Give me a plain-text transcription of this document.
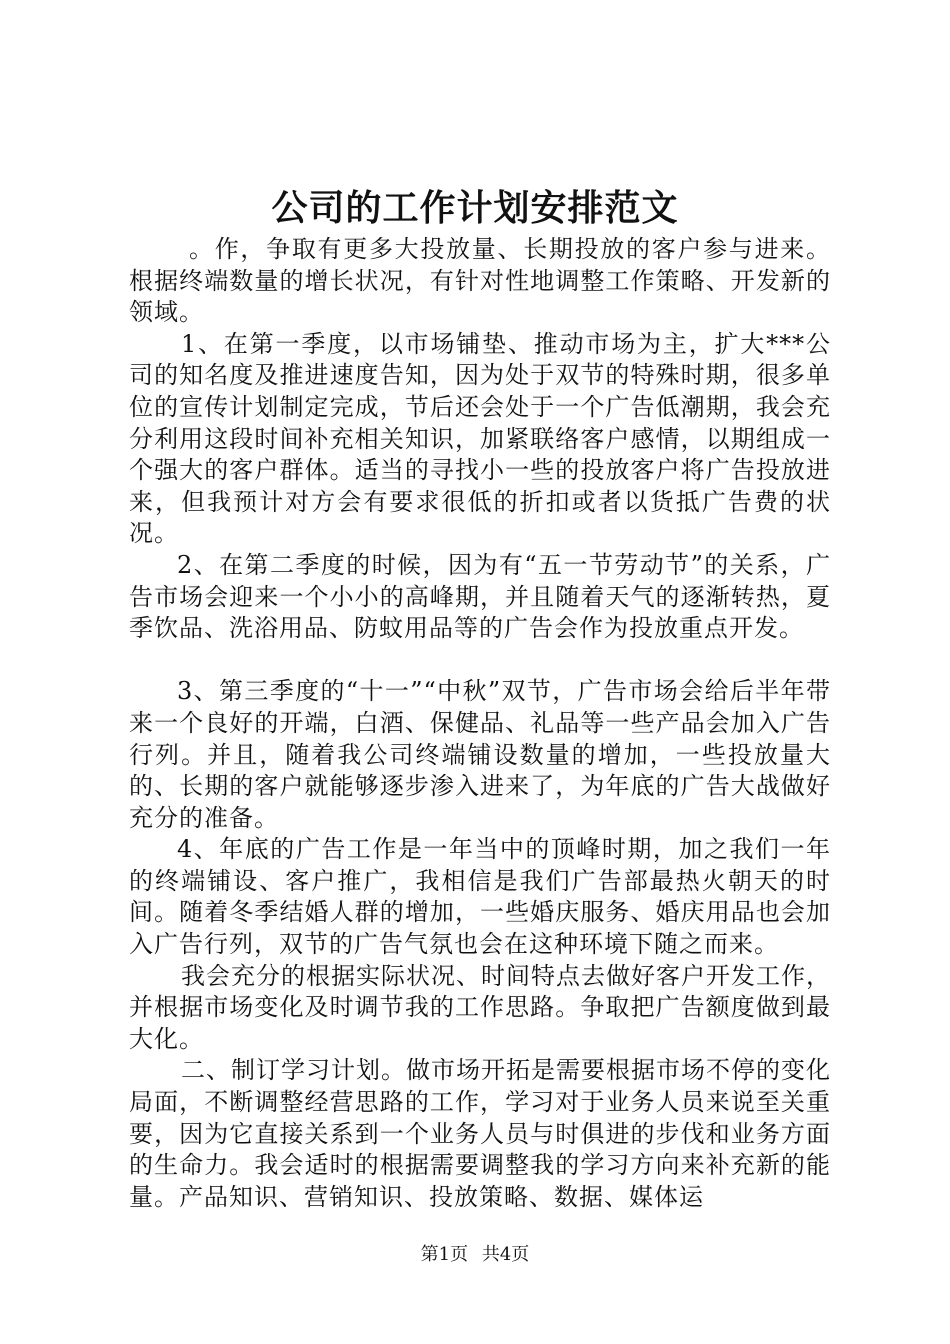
公司的工作计划安排范文

。作，争取有更多大投放量、长期投放的客户参与进来。根据终端数量的增长状况，有针对性地调整工作策略、开发新的领域。

1、在第一季度，以市场铺垫、推动市场为主，扩大***公司的知名度及推进速度告知，因为处于双节的特殊时期，很多单位的宣传计划制定完成，节后还会处于一个广告低潮期，我会充分利用这段时间补充相关知识，加紧联络客户感情，以期组成一个强大的客户群体。适当的寻找小一些的投放客户将广告投放进来，但我预计对方会有要求很低的折扣或者以货抵广告费的状况。

2、在第二季度的时候，因为有“五一节劳动节”的关系，广告市场会迎来一个小小的高峰期，并且随着天气的逐渐转热，夏季饮品、洗浴用品、防蚊用品等的广告会作为投放重点开发。

3、第三季度的“十一”“中秋”双节，广告市场会给后半年带来一个良好的开端，白酒、保健品、礼品等一些产品会加入广告行列。并且，随着我公司终端铺设数量的增加，一些投放量大的、长期的客户就能够逐步渗入进来了，为年底的广告大战做好充分的准备。

4、年底的广告工作是一年当中的顶峰时期，加之我们一年的终端铺设、客户推广，我相信是我们广告部最热火朝天的时间。随着冬季结婚人群的增加，一些婚庆服务、婚庆用品也会加入广告行列，双节的广告气氛也会在这种环境下随之而来。

我会充分的根据实际状况、时间特点去做好客户开发工作，并根据市场变化及时调节我的工作思路。争取把广告额度做到最大化。

二、制订学习计划。做市场开拓是需要根据市场不停的变化局面，不断调整经营思路的工作，学习对于业务人员来说至关重要，因为它直接关系到一个业务人员与时俱进的步伐和业务方面的生命力。我会适时的根据需要调整我的学习方向来补充新的能量。产品知识、营销知识、投放策略、数据、媒体运

第1页 共4页
